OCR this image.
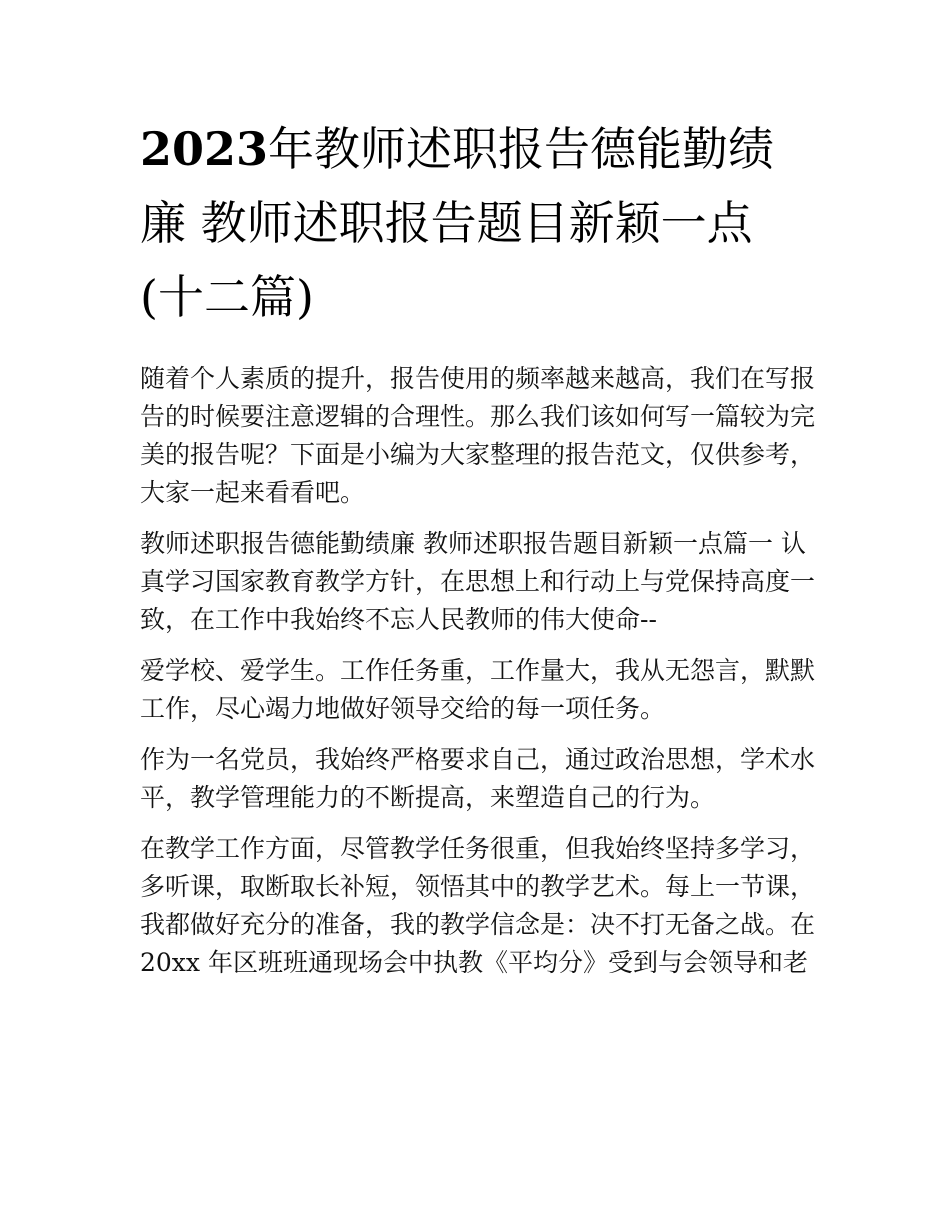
2023年教师述职报告德能勤绩
廉 教师述职报告题目新颖一点
(十二篇)

随着个人素质的提升，报告使用的频率越来越高，我们在写报
告的时候要注意逻辑的合理性。那么我们该如何写一篇较为完
美的报告呢？下面是小编为大家整理的报告范文，仅供参考，
大家一起来看看吧。

教师述职报告德能勤绩廉 教师述职报告题目新颖一点篇一 认
真学习国家教育教学方针，在思想上和行动上与党保持高度一
致，在工作中我始终不忘人民教师的伟大使命--

爱学校、爱学生。工作任务重，工作量大，我从无怨言，默默
工作，尽心竭力地做好领导交给的每一项任务。

作为一名党员，我始终严格要求自己，通过政治思想，学术水
平，教学管理能力的不断提高，来塑造自己的行为。

在教学工作方面，尽管教学任务很重，但我始终坚持多学习，
多听课，取断取长补短，领悟其中的教学艺术。每上一节课，
我都做好充分的准备，我的教学信念是：决不打无备之战。在
20xx 年区班班通现场会中执教《平均分》受到与会领导和老
